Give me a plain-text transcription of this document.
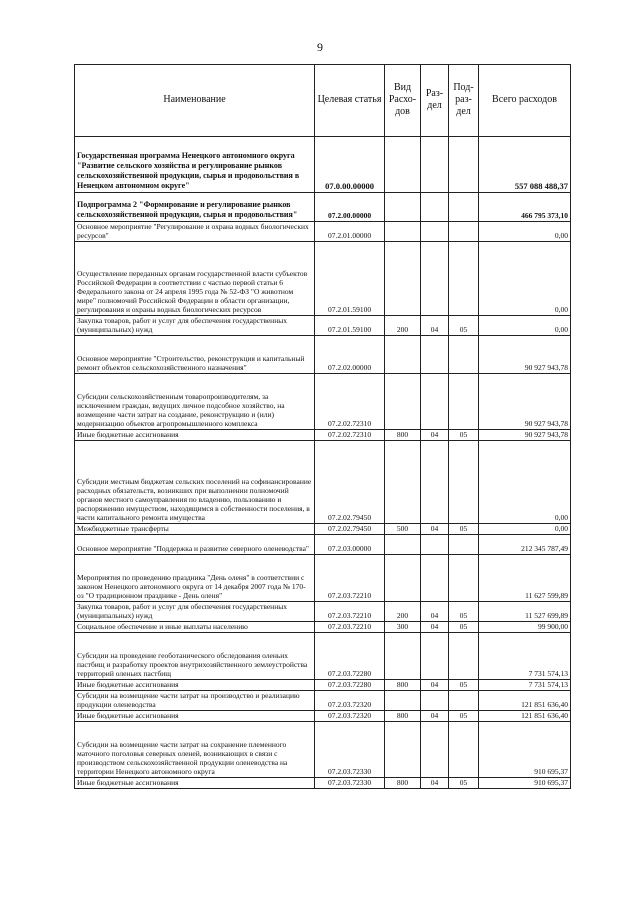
9
Наименование	Целевая статья	Вид Расхо- дов	Раз- дел	Под- раз- дел	Всего расходов
Государственная программа Ненецкого автономного округа "Развитие сельского хозяйства и регулирование рынков сельскохозяйственной продукции, сырья и продовольствия в Ненецком автономном округе"	07.0.00.00000				557 088 488,37
Подпрограмма 2 "Формирование и регулирование рынков сельскохозяйственной продукции, сырья и продовольствия"	07.2.00.00000				466 795 373,10
Основное мероприятие "Регулирование и охрана водных биологических ресурсов"	07.2.01.00000				0,00
Осуществление переданных органам государственной власти субъектов Российской Федерации в соответствии с частью первой статьи 6 Федерального закона от 24 апреля 1995 года № 52-ФЗ "О животном мире" полномочий Российской Федерации в области организации, регулирования и охраны водных биологических ресурсов	07.2.01.59100				0,00
Закупка товаров, работ и услуг для обеспечения государственных (муниципальных) нужд	07.2.01.59100	200	04	05	0,00
Основное мероприятие "Строительство, реконструкция и капитальный ремонт объектов сельскохозяйственного назначения"	07.2.02.00000				90 927 943,78
Субсидии сельскохозяйственным товаропроизводителям, за исключением граждан, ведущих личное подсобное хозяйство, на возмещение части затрат на создание, реконструкцию и (или) модернизацию объектов агропромышленного комплекса	07.2.02.72310				90 927 943,78
Иные бюджетные ассигнования	07.2.02.72310	800	04	05	90 927 943,78
Субсидии местным бюджетам сельских поселений на софинансирование расходных обязательств, возникших при выполнении полномочий органов местного самоуправления по владению, пользованию и распоряжению имуществом, находящимся в собственности поселения, в части капитального ремонта имущества	07.2.02.79450				0,00
Межбюджетные трансферты	07.2.02.79450	500	04	05	0,00
Основное мероприятие "Поддержка и развитие северного оленеводства"	07.2.03.00000				212 345 787,49
Мероприятия по проведению праздника "День оленя" в соответствии с законом Ненецкого автономного округа от 14 декабря 2007 года № 170-оз "О традиционном празднике - День оленя"	07.2.03.72210				11 627 599,89
Закупка товаров, работ и услуг для обеспечения государственных (муниципальных) нужд	07.2.03.72210	200	04	05	11 527 699,89
Социальное обеспечение и иные выплаты населению	07.2.03.72210	300	04	05	99 900,00
Субсидии на проведение геоботанического обследования оленьих пастбищ и разработку проектов внутрихозяйственного землеустройства территорий оленьих пастбищ	07.2.03.72280				7 731 574,13
Иные бюджетные ассигнования	07.2.03.72280	800	04	05	7 731 574,13
Субсидии на возмещение части затрат на производство и реализацию продукции оленеводства	07.2.03.72320				121 851 636,40
Иные бюджетные ассигнования	07.2.03.72320	800	04	05	121 851 636,40
Субсидии на возмещение части затрат на сохранение племенного маточного поголовья северных оленей, возникающих в связи с производством сельскохозяйственной продукции оленеводства на территории Ненецкого автономного округа	07.2.03.72330				910 695,37
Иные бюджетные ассигнования	07.2.03.72330	800	04	05	910 695,37
